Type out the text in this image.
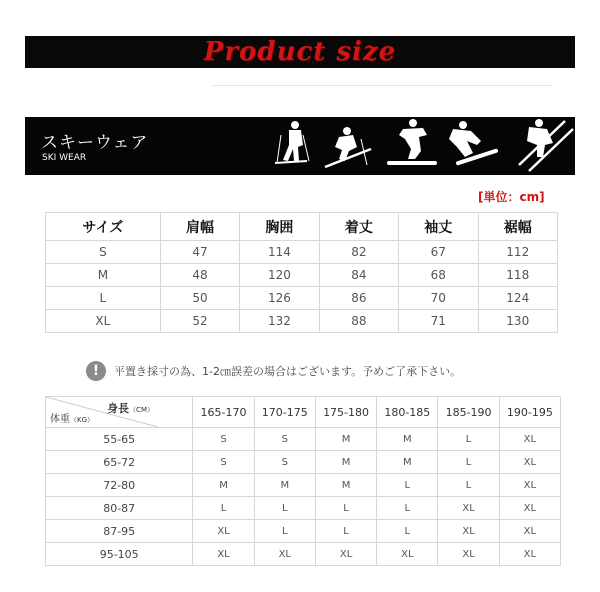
Product size
スキーウェア
SKI WEAR
[単位：cm]
サイズ	肩幅	胸囲	着丈	袖丈	裾幅
S	47	114	82	67	112
M	48	120	84	68	118
L	50	126	86	70	124
XL	52	132	88	71	130
!	平置き採寸の為、1-2㎝誤差の場合はございます。予めご了承下さい。
身長（CM）
体重（KG）	165-170	170-175	175-180	180-185	185-190	190-195
55-65	S	S	M	M	L	XL
65-72	S	S	M	M	L	XL
72-80	M	M	M	L	L	XL
80-87	L	L	L	L	XL	XL
87-95	XL	L	L	L	XL	XL
95-105	XL	XL	XL	XL	XL	XL
